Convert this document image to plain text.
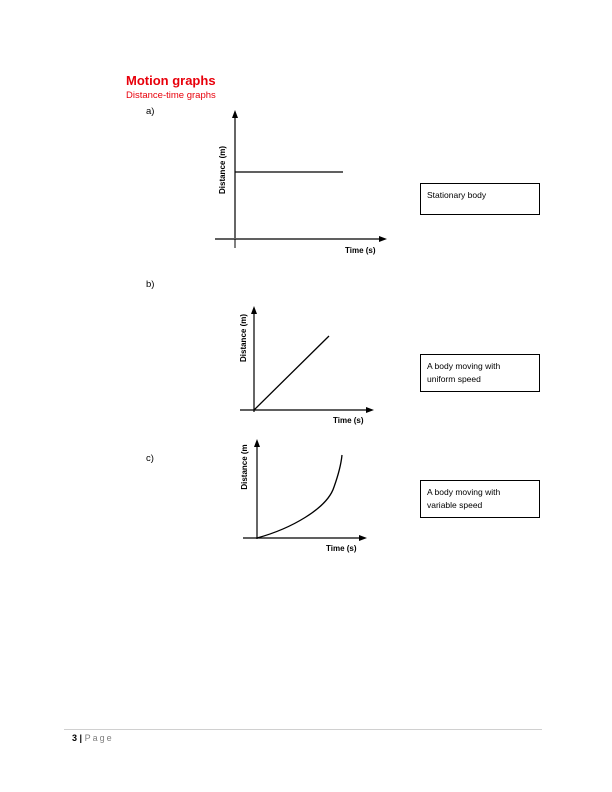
Motion graphs
Distance-time graphs
a)
Distance (m)
Time (s)
Stationary body
b)
Distance (m)
Time (s)
A body moving with
uniform speed
c)	Distance (m
Time (s)
A body moving with
variable speed
3 | Page
